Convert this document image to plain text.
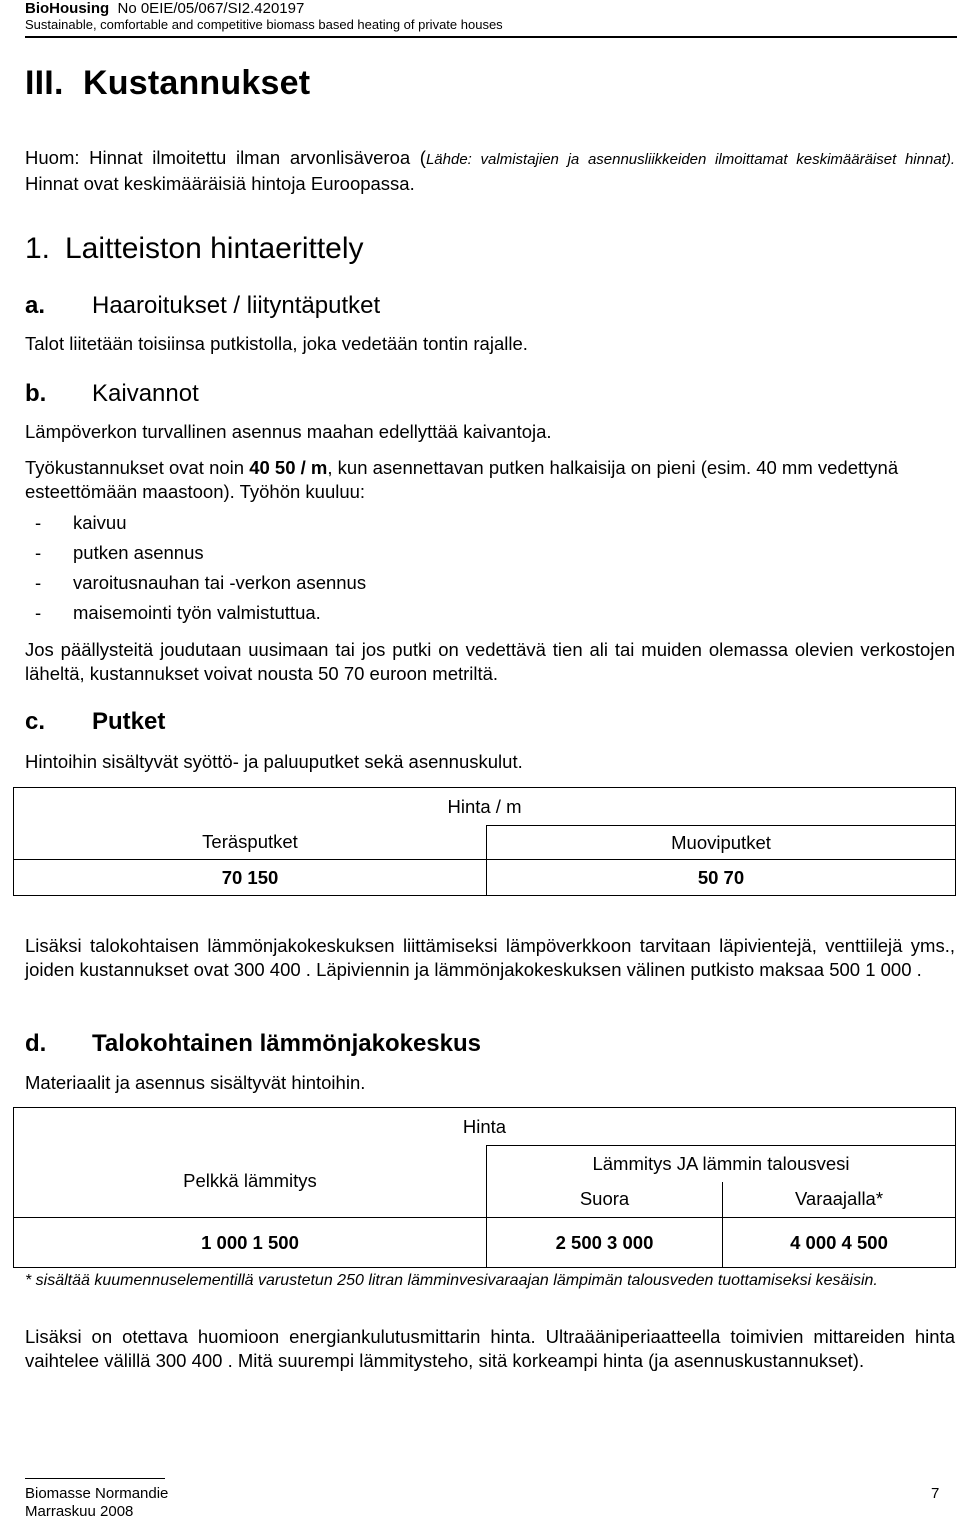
BioHousing No 0EIE/05/067/SI2.420197
Sustainable, comfortable and competitive biomass based heating of private houses
III. Kustannukset
Huom: Hinnat ilmoitettu ilman arvonlisäveroa (Lähde: valmistajien ja asennusliikkeiden ilmoittamat keskimääräiset hinnat). Hinnat ovat keskimääräisiä hintoja Euroopassa.
1. Laitteiston hintaerittely
a. Haaroitukset / liityntäputket
Talot liitetään toisiinsa putkistolla, joka vedetään tontin rajalle.
b. Kaivannot
Lämpöverkon turvallinen asennus maahan edellyttää kaivantoja.
Työkustannukset ovat noin 40 50 / m, kun asennettavan putken halkaisija on pieni (esim. 40 mm vedettynä esteettömään maastoon). Työhön kuuluu:
- kaivuu
- putken asennus
- varoitusnauhan tai -verkon asennus
- maisemointi työn valmistuttua.
Jos päällysteitä joudutaan uusimaan tai jos putki on vedettävä tien ali tai muiden olemassa olevien verkostojen läheltä, kustannukset voivat nousta 50 70 euroon metriltä.
c. Putket
Hintoihin sisältyvät syöttö- ja paluuputket sekä asennuskulut.
Hinta / m	
Teräsputket	Muoviputket
70 150	50 70
Lisäksi talokohtaisen lämmönjakokeskuksen liittämiseksi lämpöverkkoon tarvitaan läpivientejä, venttiilejä yms., joiden kustannukset ovat 300 400 . Läpiviennin ja lämmönjakokeskuksen välinen putkisto maksaa 500 1 000 .
d. Talokohtainen lämmönjakokeskus
Materiaalit ja asennus sisältyvät hintoihin.
Hinta		
Pelkkä lämmitys	Lämmitys JA lämmin talousvesi	
	Suora	Varaajalla*
1 000 1 500	2 500 3 000	4 000 4 500
* sisältää kuumennuselementillä varustetun 250 litran lämminvesivaraajan lämpimän talousveden tuottamiseksi kesäisin.
Lisäksi on otettava huomioon energiankulutusmittarin hinta. Ultraääniperiaatteella toimivien mittareiden hinta vaihtelee välillä 300 400 . Mitä suurempi lämmitysteho, sitä korkeampi hinta (ja asennuskustannukset).
Biomasse Normandie
Marraskuu 2008
7
